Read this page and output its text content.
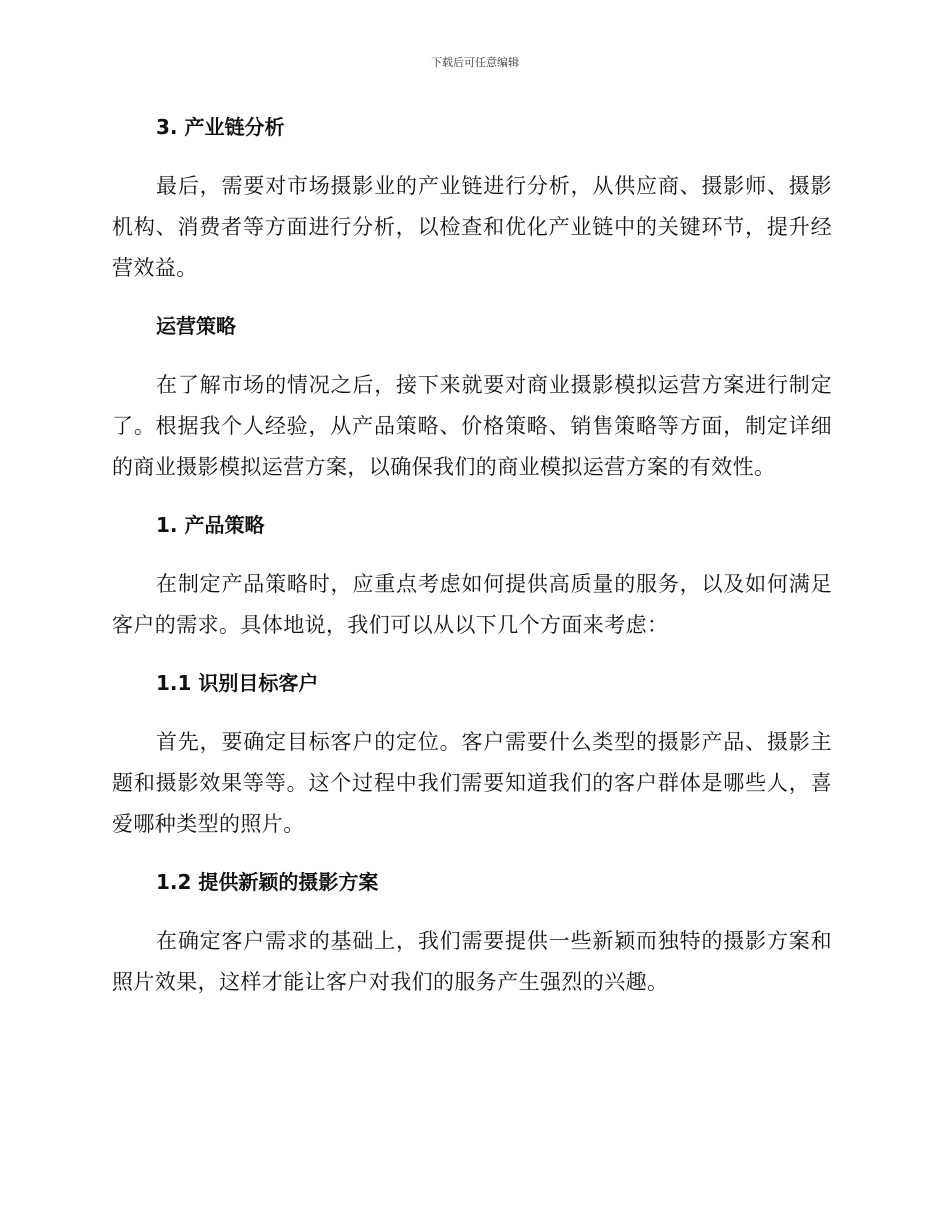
下载后可任意编辑
3. 产业链分析

最后，需要对市场摄影业的产业链进行分析，从供应商、摄影师、摄影机构、消费者等方面进行分析，以检查和优化产业链中的关键环节，提升经营效益。

运营策略

在了解市场的情况之后，接下来就要对商业摄影模拟运营方案进行制定了。根据我个人经验，从产品策略、价格策略、销售策略等方面，制定详细的商业摄影模拟运营方案，以确保我们的商业模拟运营方案的有效性。

1. 产品策略

在制定产品策略时，应重点考虑如何提供高质量的服务，以及如何满足客户的需求。具体地说，我们可以从以下几个方面来考虑：

1.1 识别目标客户

首先，要确定目标客户的定位。客户需要什么类型的摄影产品、摄影主题和摄影效果等等。这个过程中我们需要知道我们的客户群体是哪些人，喜爱哪种类型的照片。

1.2 提供新颖的摄影方案

在确定客户需求的基础上，我们需要提供一些新颖而独特的摄影方案和照片效果，这样才能让客户对我们的服务产生强烈的兴趣。
